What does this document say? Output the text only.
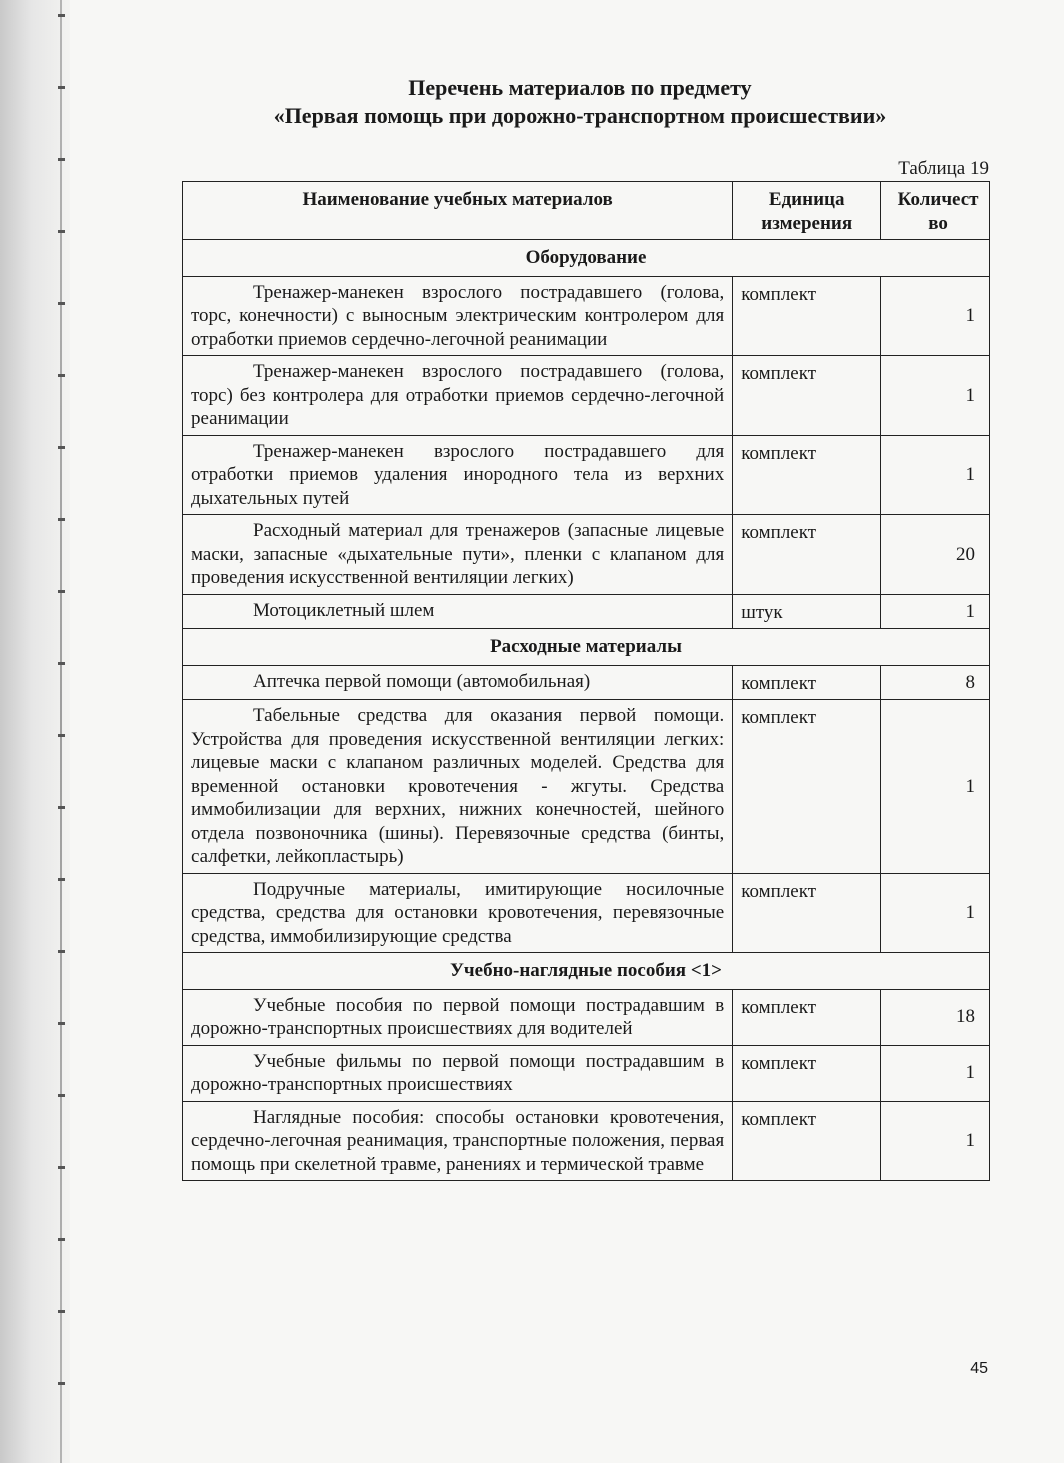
Перечень материалов по предмету
«Первая помощь при дорожно-транспортном происшествии»
Таблица 19
Наименование учебных материалов	Единица измерения	Количество
Оборудование		
Тренажер-манекен взрослого пострадавшего (голова, торс, конечности) с выносным электрическим контролером для отработки приемов сердечно-легочной реанимации	комплект	1
Тренажер-манекен взрослого пострадавшего (голова, торс) без контролера для отработки приемов сердечно-легочной реанимации	комплект	1
Тренажер-манекен взрослого пострадавшего для отработки приемов удаления инородного тела из верхних дыхательных путей	комплект	1
Расходный материал для тренажеров (запасные лицевые маски, запасные «дыхательные пути», пленки с клапаном для проведения искусственной вентиляции легких)	комплект	20
Мотоциклетный шлем	штук	1
Расходные материалы		
Аптечка первой помощи (автомобильная)	комплект	8
Табельные средства для оказания первой помощи. Устройства для проведения искусственной вентиляции легких: лицевые маски с клапаном различных моделей. Средства для временной остановки кровотечения - жгуты. Средства иммобилизации для верхних, нижних конечностей, шейного отдела позвоночника (шины). Перевязочные средства (бинты, салфетки, лейкопластырь)	комплект	1
Подручные материалы, имитирующие носилочные средства, средства для остановки кровотечения, перевязочные средства, иммобилизирующие средства	комплект	1
Учебно-наглядные пособия <1>		
Учебные пособия по первой помощи пострадавшим в дорожно-транспортных происшествиях для водителей	комплект	18
Учебные фильмы по первой помощи пострадавшим в дорожно-транспортных происшествиях	комплект	1
Наглядные пособия: способы остановки кровотечения, сердечно-легочная реанимация, транспортные положения, первая помощь при скелетной травме, ранениях и термической травме	комплект	1
45
